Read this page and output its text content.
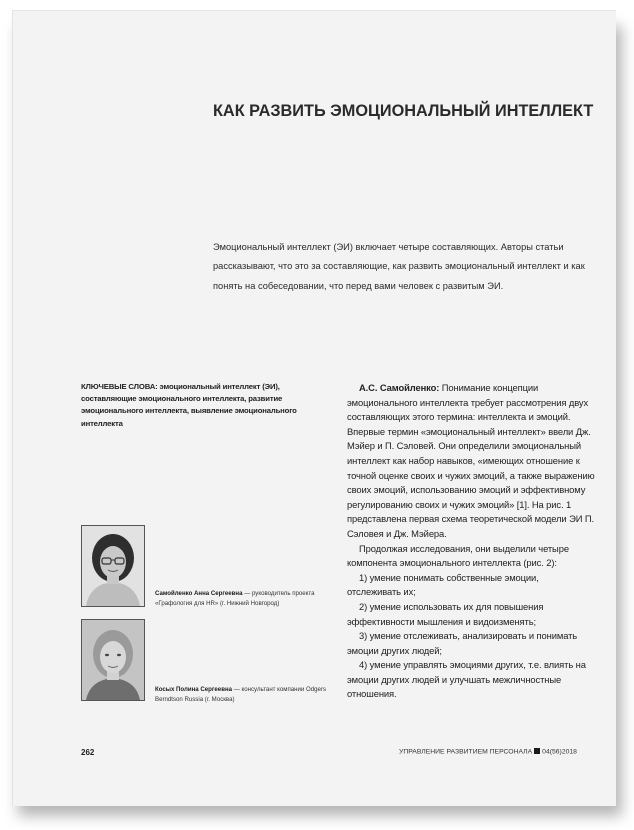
КАК РАЗВИТЬ ЭМОЦИОНАЛЬНЫЙ ИНТЕЛЛЕКТ
Эмоциональный интеллект (ЭИ) включает четыре составляющих. Авторы статьи рассказывают, что это за составляющие, как развить эмоциональный интеллект и как понять на собеседовании, что перед вами человек с развитым ЭИ.
КЛЮЧЕВЫЕ СЛОВА: эмоциональный интеллект (ЭИ), составляющие эмоционального интеллекта, развитие эмоционального интеллекта, выявление эмоционального интеллекта

А.С. Самойленко: Понимание концепции эмоционального интеллекта требует рассмотрения двух составляющих этого термина: интеллекта и эмоций. Впервые термин «эмоциональный интеллект» ввели Дж. Мэйер и П. Сэловей. Они определили эмоциональный интеллект как набор навыков, «имеющих отношение к точной оценке своих и чужих эмоций, а также выражению своих эмоций, использованию эмоций и эффективному регулированию своих и чужих эмоций» [1]. На рис. 1 представлена первая схема теоретической модели ЭИ П. Сэловея и Дж. Мэйера.

Продолжая исследования, они выделили четыре компонента эмоционального интеллекта (рис. 2):

1) умение понимать собственные эмоции, отслеживать их;

2) умение использовать их для повышения эффективности мышления и видоизменять;

3) умение отслеживать, анализировать и понимать эмоции других людей;

4) умение управлять эмоциями других, т.е. влиять на эмоции других людей и улучшать межличностные отношения.

Самойленко Анна Сергеевна — руководитель проекта «Графология для HR» (г. Нижний Новгород)
Косых Полина Сергеевна — консультант компании Odgers Berndtson Russia (г. Москва)
262	УПРАВЛЕНИЕ РАЗВИТИЕМ ПЕРСОНАЛА 04(56)2018
